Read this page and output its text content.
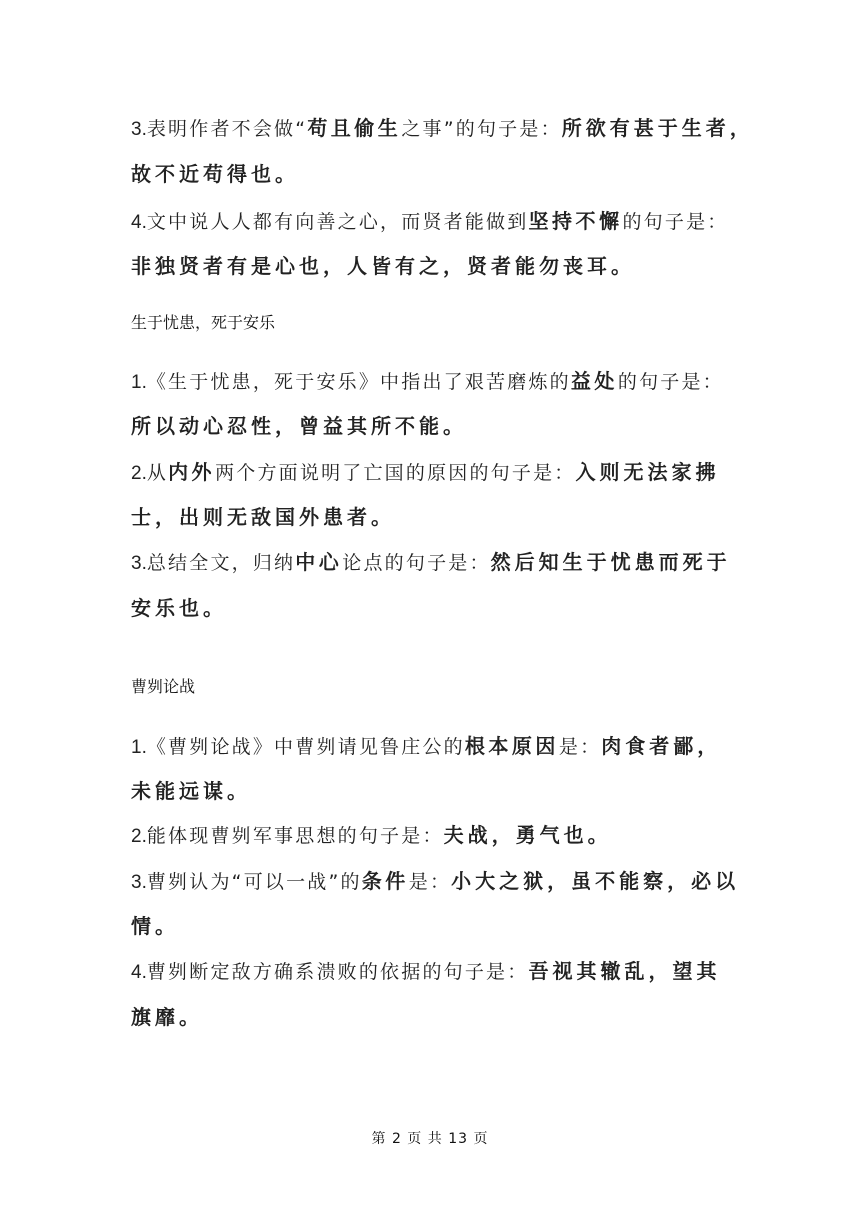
3.表明作者不会做“苟且偷生之事”的句子是：所欲有甚于生者，
故不近苟得也。
4.文中说人人都有向善之心，而贤者能做到坚持不懈的句子是：
非独贤者有是心也，人皆有之，贤者能勿丧耳。
生于忧患，死于安乐
1.《生于忧患，死于安乐》中指出了艰苦磨炼的益处的句子是：
所以动心忍性，曾益其所不能。
2.从内外两个方面说明了亡国的原因的句子是：入则无法家拂
士，出则无敌国外患者。
3.总结全文，归纳中心论点的句子是：然后知生于忧患而死于
安乐也。
曹刿论战
1.《曹刿论战》中曹刿请见鲁庄公的根本原因是：肉食者鄙，
未能远谋。
2.能体现曹刿军事思想的句子是：夫战，勇气也。
3.曹刿认为“可以一战”的条件是：小大之狱，虽不能察，必以
情。
4.曹刿断定敌方确系溃败的依据的句子是：吾视其辙乱，望其
旗靡。
第 2 页 共 13 页
